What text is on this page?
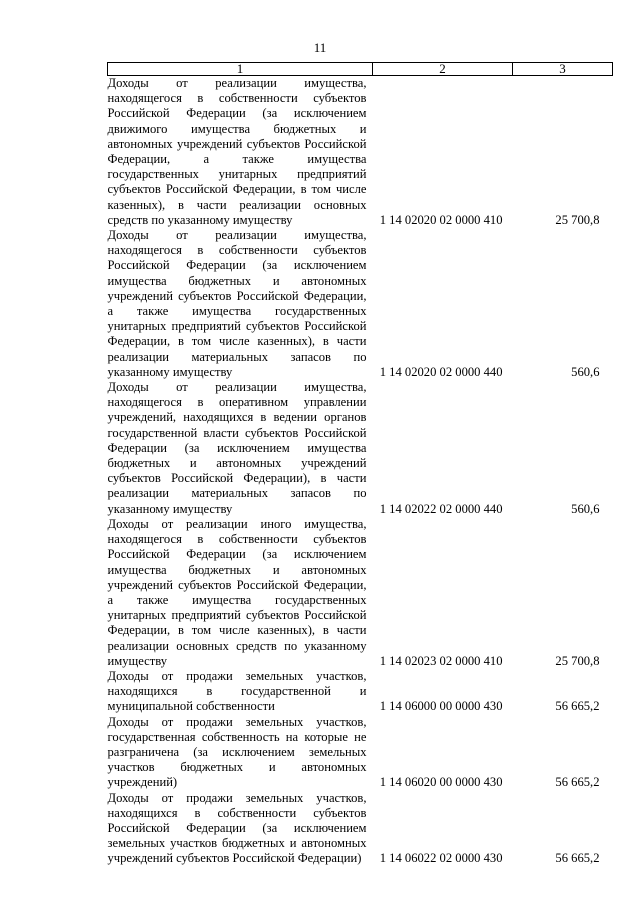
11
1	2	3
Доходы от реализации имущества, находящегося в собственности субъектов Российской Федерации (за исключением движимого имущества бюджетных и автономных учреждений субъектов Российской Федерации, а также имущества государственных унитарных предприятий субъектов Российской Федерации, в том числе казенных), в части реализации основных средств по указанному имуществу	1 14 02020 02 0000 410	25 700,8
Доходы от реализации имущества, находящегося в собственности субъектов Российской Федерации (за исключением имущества бюджетных и автономных учреждений субъектов Российской Федерации, а также имущества государственных унитарных предприятий субъектов Российской Федерации, в том числе казенных), в части реализации материальных запасов по указанному имуществу	1 14 02020 02 0000 440	560,6
Доходы от реализации имущества, находящегося в оперативном управлении учреждений, находящихся в ведении органов государственной власти субъектов Российской Федерации (за исключением имущества бюджетных и автономных учреждений субъектов Российской Федерации), в части реализации материальных запасов по указанному имуществу	1 14 02022 02 0000 440	560,6
Доходы от реализации иного имущества, находящегося в собственности субъектов Российской Федерации (за исключением имущества бюджетных и автономных учреждений субъектов Российской Федерации, а также имущества государственных унитарных предприятий субъектов Российской Федерации, в том числе казенных), в части реализации основных средств по указанному имуществу	1 14 02023 02 0000 410	25 700,8
Доходы от продажи земельных участков, находящихся в государственной и муниципальной собственности	1 14 06000 00 0000 430	56 665,2
Доходы от продажи земельных участков, государственная собственность на которые не разграничена (за исключением земельных участков бюджетных и автономных учреждений)	1 14 06020 00 0000 430	56 665,2
Доходы от продажи земельных участков, находящихся в собственности субъектов Российской Федерации (за исключением земельных участков бюджетных и автономных учреждений субъектов Российской Федерации)	1 14 06022 02 0000 430	56 665,2
